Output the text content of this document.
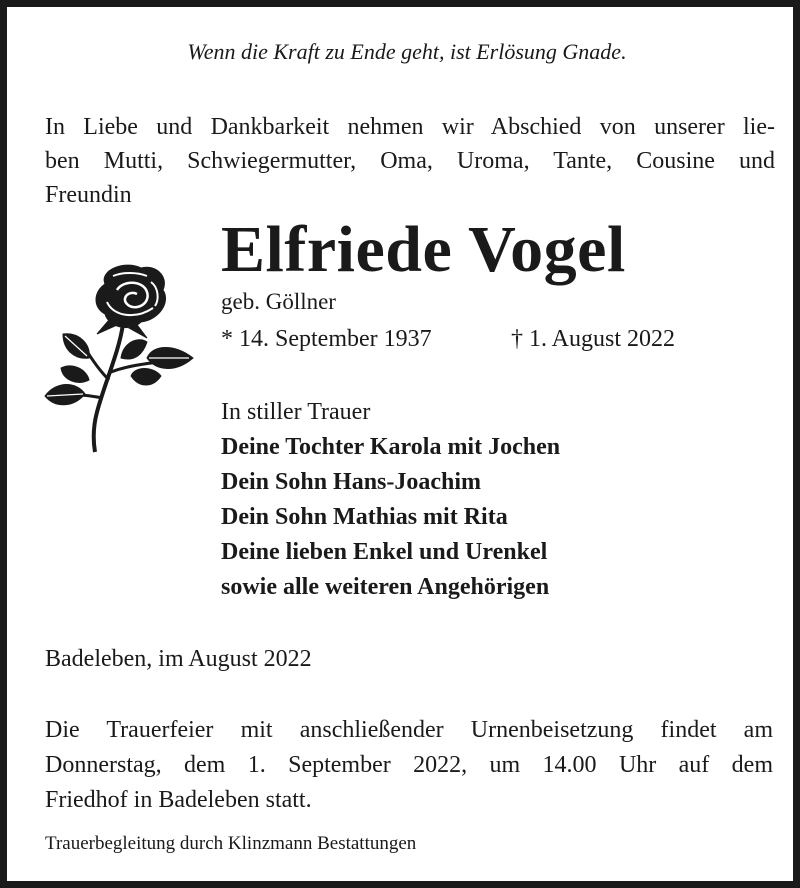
Wenn die Kraft zu Ende geht, ist Erlösung Gnade.
In Liebe und Dankbarkeit nehmen wir Abschied von unserer lie-
ben Mutti, Schwiegermutter, Oma, Uroma, Tante, Cousine und
Freundin
Elfriede Vogel
geb. Göllner
* 14. September 1937	† 1. August 2022
In stiller Trauer
Deine Tochter Karola mit Jochen
Dein Sohn Hans-Joachim
Dein Sohn Mathias mit Rita
Deine lieben Enkel und Urenkel
sowie alle weiteren Angehörigen
Badeleben, im August 2022
Die Trauerfeier mit anschließender Urnenbeisetzung findet am
Donnerstag, dem 1. September 2022, um 14.00 Uhr auf dem
Friedhof in Badeleben statt.
Trauerbegleitung durch Klinzmann Bestattungen
